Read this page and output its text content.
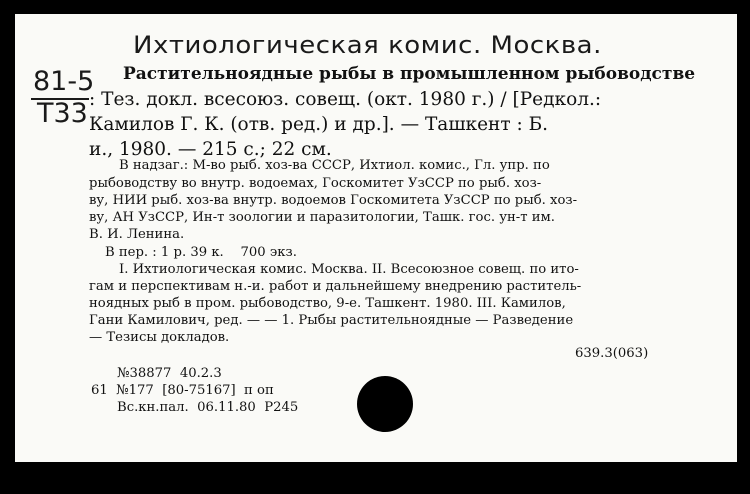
Ихтиологическая комис. Москва.
81-5
Т33
Растительноядные рыбы в промышленном рыбоводстве
: Тез. докл. всесоюз. совещ. (окт. 1980 г.) / [Редкол.:
Камилов Г. К. (отв. ред.) и др.]. — Ташкент : Б.
и., 1980. — 215 с.; 22 см.
В надзаг.: М-во рыб. хоз-ва СССР, Ихтиол. комис., Гл. упр. по
рыбоводству во внутр. водоемах, Госкомитет УзССР по рыб. хоз-
ву, НИИ рыб. хоз-ва внутр. водоемов Госкомитета УзССР по рыб. хоз-
ву, АН УзССР, Ин-т зоологии и паразитологии, Ташк. гос. ун-т им.
В. И. Ленина.
В пер. : 1 р. 39 к.    700 экз.
I. Ихтиологическая комис. Москва. II. Всесоюзное совещ. по ито-
гам и перспективам н.-и. работ и дальнейшему внедрению раститель-
ноядных рыб в пром. рыбоводство, 9-е. Ташкент. 1980. III. Камилов,
Гани Камилович, ред. — — 1. Рыбы растительноядные — Разведение
— Тезисы докладов.
639.3(063)
№38877  40.2.3
61  №177  [80-75167]  п оп
Вс.кн.пал.  06.11.80  Р245
